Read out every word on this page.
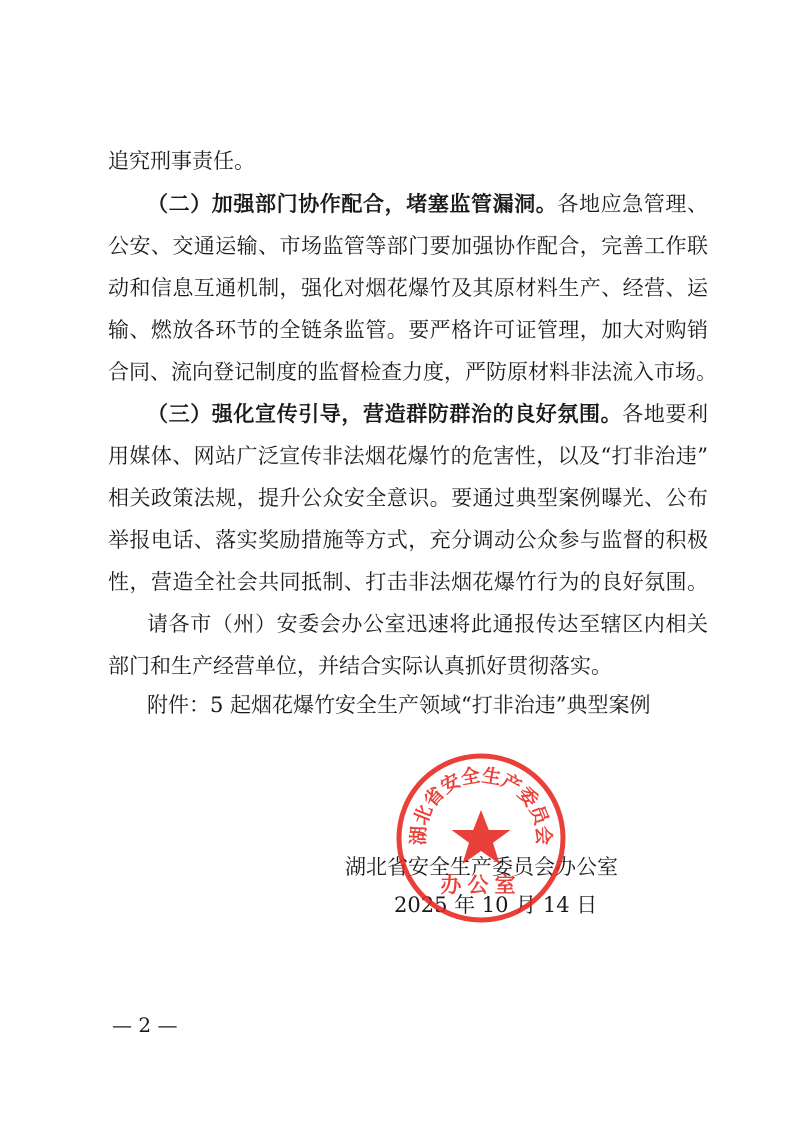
追究刑事责任。
（二）加强部门协作配合，堵塞监管漏洞。各地应急管理、
公安、交通运输、市场监管等部门要加强协作配合，完善工作联
动和信息互通机制，强化对烟花爆竹及其原材料生产、经营、运
输、燃放各环节的全链条监管。要严格许可证管理，加大对购销
合同、流向登记制度的监督检查力度，严防原材料非法流入市场。
（三）强化宣传引导，营造群防群治的良好氛围。各地要利
用媒体、网站广泛宣传非法烟花爆竹的危害性，以及“打非治违”
相关政策法规，提升公众安全意识。要通过典型案例曝光、公布
举报电话、落实奖励措施等方式，充分调动公众参与监督的积极
性，营造全社会共同抵制、打击非法烟花爆竹行为的良好氛围。
请各市（州）安委会办公室迅速将此通报传达至辖区内相关
部门和生产经营单位，并结合实际认真抓好贯彻落实。
附件：5 起烟花爆竹安全生产领域“打非治违”典型案例
湖北省安全生产委员会办公室
2025 年 10 月 14 日
湖北省安全生产委员会
办公室
— 2 —
